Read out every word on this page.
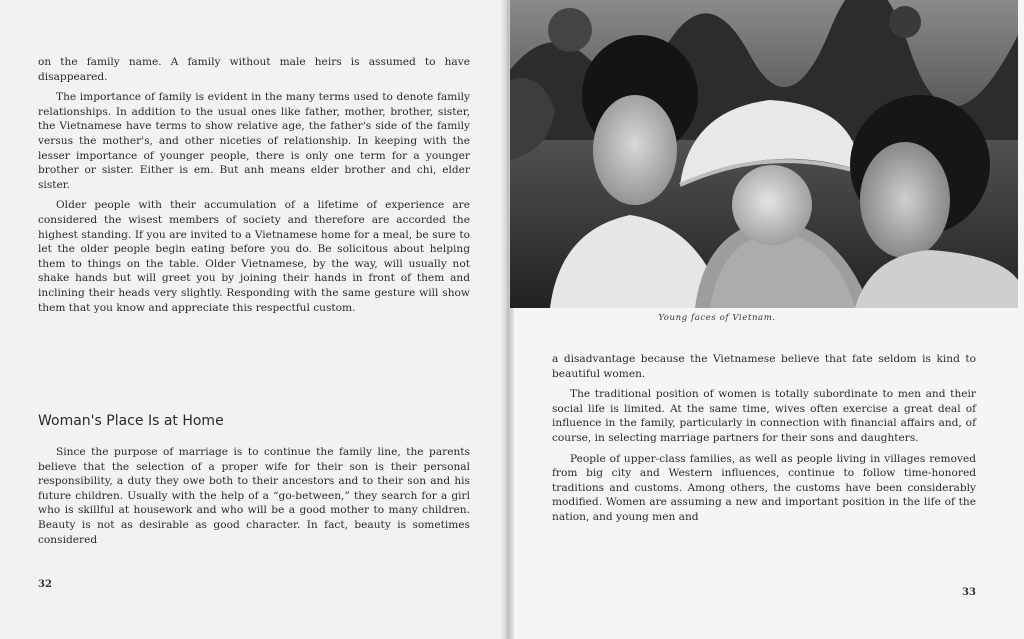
on the family name. A family without male heirs is assumed to have disappeared.

The importance of family is evident in the many terms used to denote family relationships. In addition to the usual ones like father, mother, brother, sister, the Vietnamese have terms to show relative age, the father's side of the family versus the mother's, and other niceties of relationship. In keeping with the lesser importance of younger people, there is only one term for a younger brother or sister. Either is em. But anh means elder brother and chi, elder sister.

Older people with their accumulation of a lifetime of experience are considered the wisest members of society and therefore are accorded the highest standing. If you are invited to a Vietnamese home for a meal, be sure to let the older people begin eating before you do. Be solicitous about helping them to things on the table. Older Vietnamese, by the way, will usually not shake hands but will greet you by joining their hands in front of them and inclining their heads very slightly. Responding with the same gesture will show them that you know and appreciate this respectful custom.

Woman's Place Is at Home

Since the purpose of marriage is to continue the family line, the parents believe that the selection of a proper wife for their son is their personal responsibility, a duty they owe both to their ancestors and to their son and his future children. Usually with the help of a “go-between,” they search for a girl who is skillful at housework and who will be a good mother to many children. Beauty is not as desirable as good character. In fact, beauty is sometimes considered

32
Young faces of Vietnam.

a disadvantage because the Vietnamese believe that fate seldom is kind to beautiful women.

The traditional position of women is totally subordinate to men and their social life is limited. At the same time, wives often exercise a great deal of influence in the family, particularly in connection with financial affairs and, of course, in selecting marriage partners for their sons and daughters.

People of upper-class families, as well as people living in villages removed from big city and Western influences, continue to follow time-honored traditions and customs. Among others, the customs have been considerably modified. Women are assuming a new and important position in the life of the nation, and young men and

33
